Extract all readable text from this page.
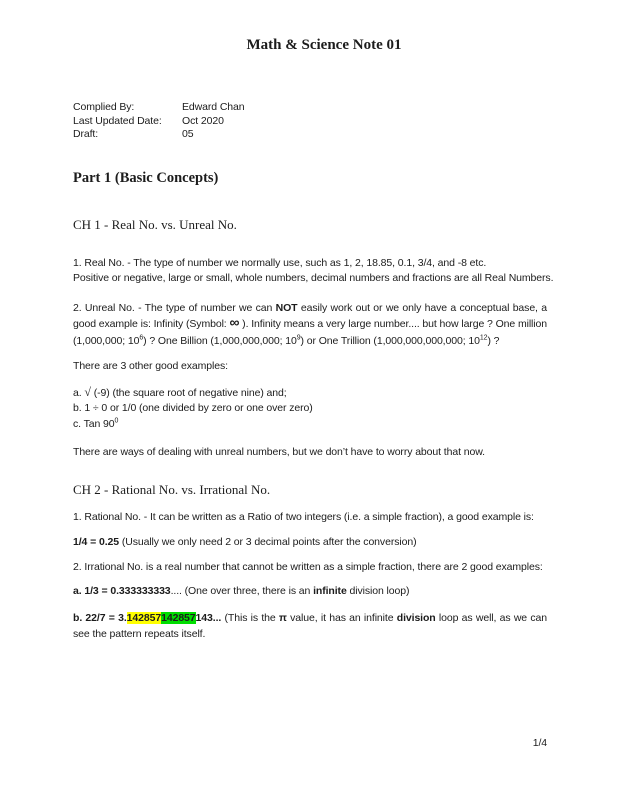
Math & Science Note 01
Complied By:	Edward Chan
Last Updated Date:	Oct 2020
Draft:	05
Part 1 (Basic Concepts)
CH 1 - Real No. vs. Unreal No.

1. Real No. - The type of number we normally use, such as 1, 2, 18.85, 0.1, 3/4, and -8 etc.
Positive or negative, large or small, whole numbers, decimal numbers and fractions are all Real Numbers.

2. Unreal No. - The type of number we can NOT easily work out or we only have a conceptual base, a good example is: Infinity (Symbol: ∞ ). Infinity means a very large number.... but how large ? One million (1,000,000; $10^6$) ? One Billion (1,000,000,000; $10^9$) or One Trillion (1,000,000,000,000; $10^{12}$) ?

There are 3 other good examples:

a. √ (-9) (the square root of negative nine) and;
b. 1 ÷ 0 or 1/0 (one divided by zero or one over zero)
c. Tan $90^0$

There are ways of dealing with unreal numbers, but we don’t have to worry about that now.

CH 2 - Rational No. vs. Irrational No.

1. Rational No. - It can be written as a Ratio of two integers (i.e. a simple fraction), a good example is:

1/4 = 0.25 (Usually we only need 2 or 3 decimal points after the conversion)

2. Irrational No. is a real number that cannot be written as a simple fraction, there are 2 good examples:

a. 1/3 = 0.333333333.... (One over three, there is an infinite division loop)

b. 22/7 = 3.142857142857143... (This is the π value, it has an infinite division loop as well, as we can see the pattern repeats itself.

1/4
